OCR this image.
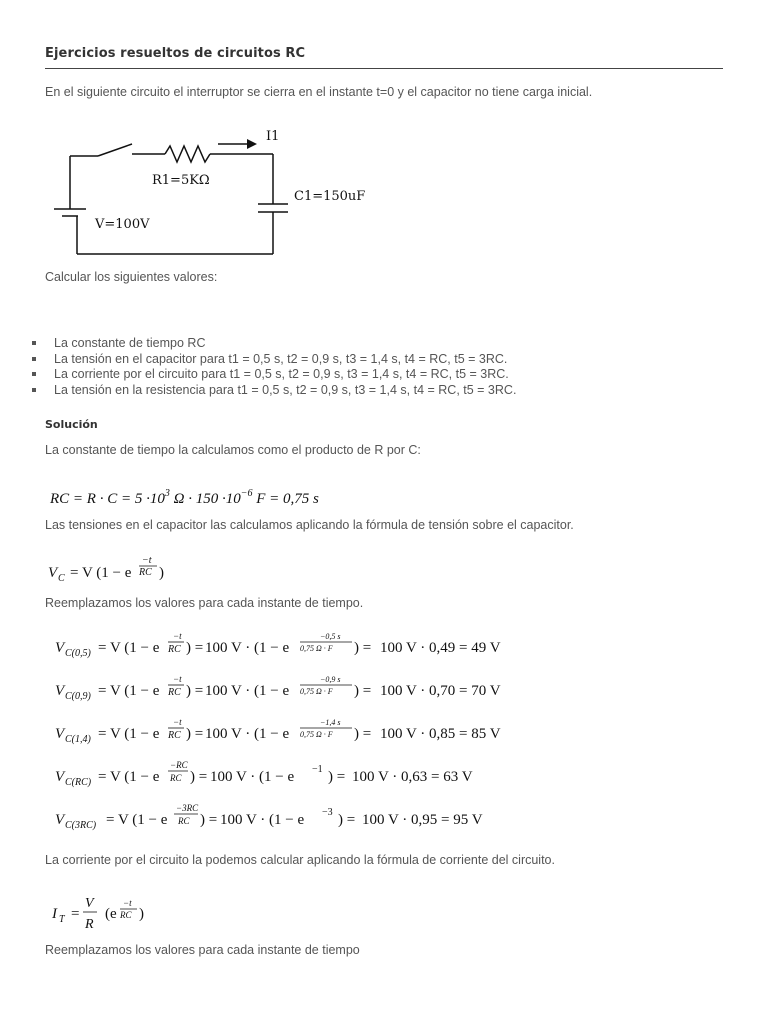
Ejercicios resueltos de circuitos RC
En el siguiente circuito el interruptor se cierra en el instante t=0 y el capacitor no tiene carga inicial.
I1
R1=5KΩ
C1=150uF
V=100V
Calcular los siguientes valores:
La constante de tiempo RC
La tensión en el capacitor para t1 = 0,5 s, t2 = 0,9 s, t3 = 1,4 s, t4 = RC, t5 = 3RC.
La corriente por el circuito para t1 = 0,5 s, t2 = 0,9 s, t3 = 1,4 s, t4 = RC, t5 = 3RC.
La tensión en la resistencia para t1 = 0,5 s, t2 = 0,9 s, t3 = 1,4 s, t4 = RC, t5 = 3RC.
Solución
La constante de tiempo la calculamos como el producto de R por C:
RC = $R \cdot C = 5 \cdot 10^3$ $\Omega \cdot 150 \cdot 10^{-6}$ F = 0,75 s
Las tensiones en el capacitor las calculamos aplicando la fórmula de tensión sobre el capacitor.
V C = V (1 − e
−t
RC )
Reemplazamos los valores para cada instante de tiempo.
V C(0,5) = V (1 − e
−t
RC ) = 100 V · (1 − e
−0,5 s
0,75 Ω · F ) = 100 V · 0,49 = 49 V
V C(0,9) = V (1 − e
−t
RC ) = 100 V · (1 − e
−0,9 s
0,75 Ω · F ) = 100 V · 0,70 = 70 V
V C(1,4) = V (1 − e
−t
RC ) = 100 V · (1 − e
−1,4 s
0,75 Ω · F ) = 100 V · 0,85 = 85 V
V C(RC) = V (1 − e
−RC
RC ) = 100 V · (1 − e −1 ) = 100 V · 0,63 = 63 V
V C(3RC) = V (1 − e
−3RC
RC ) = 100 V · (1 − e −3 ) = 100 V · 0,95 = 95 V
La corriente por el circuito la podemos calcular aplicando la fórmula de corriente del circuito.
I T =
V
R
(e
−t
RC )
Reemplazamos los valores para cada instante de tiempo
